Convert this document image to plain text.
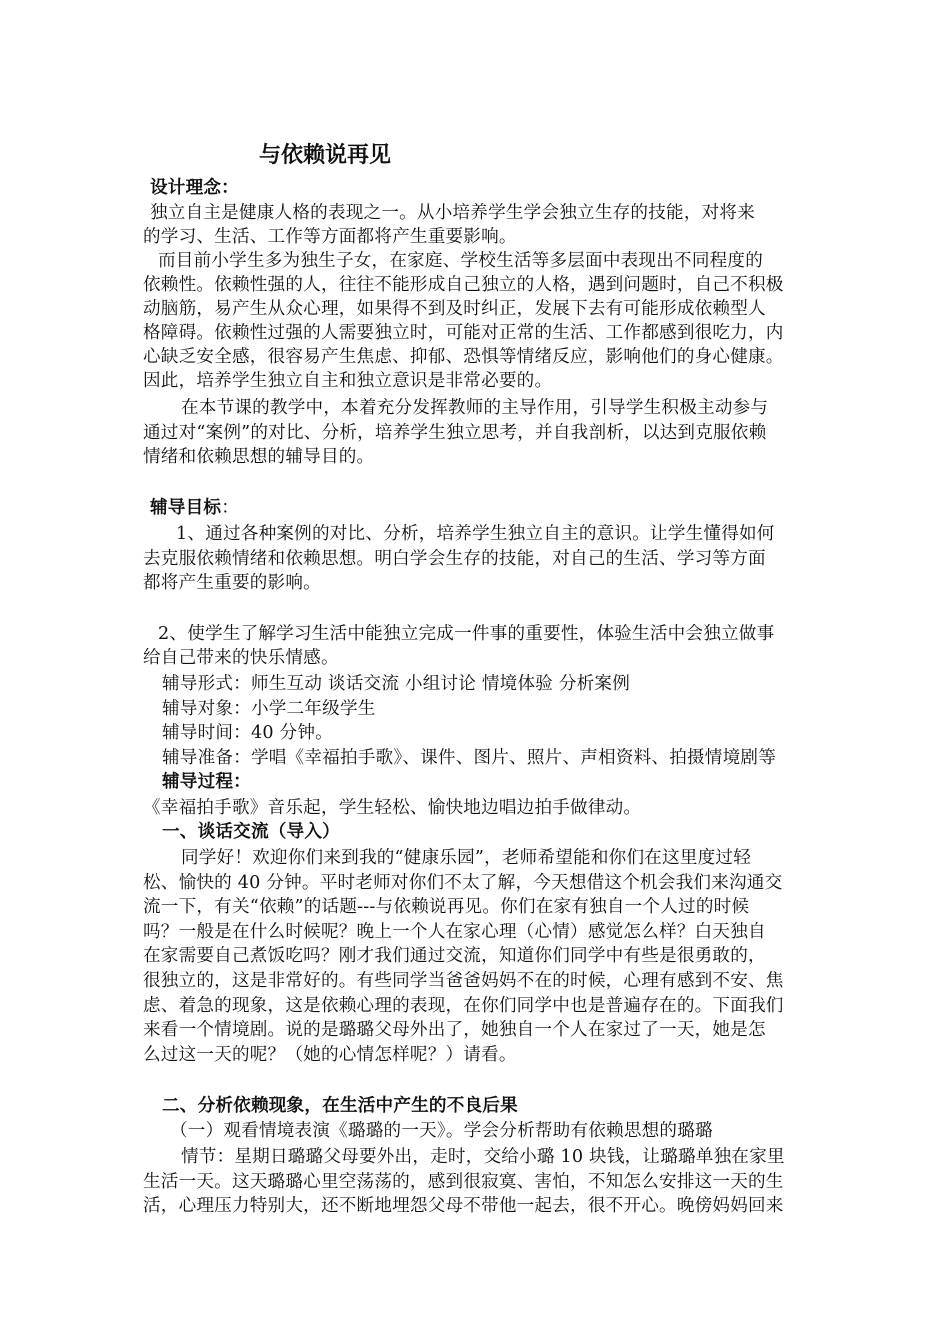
与依赖说再见
设计理念：
独立自主是健康人格的表现之一。从小培养学生学会独立生存的技能，对将来
的学习、生活、工作等方面都将产生重要影响。
而目前小学生多为独生子女，在家庭、学校生活等多层面中表现出不同程度的
依赖性。依赖性强的人，往往不能形成自己独立的人格，遇到问题时，自己不积极
动脑筋，易产生从众心理，如果得不到及时纠正，发展下去有可能形成依赖型人
格障碍。依赖性过强的人需要独立时，可能对正常的生活、工作都感到很吃力，内
心缺乏安全感，很容易产生焦虑、抑郁、恐惧等情绪反应，影响他们的身心健康。
因此，培养学生独立自主和独立意识是非常必要的。
在本节课的教学中，本着充分发挥教师的主导作用，引导学生积极主动参与
通过对“案例”的对比、分析，培养学生独立思考，并自我剖析，以达到克服依赖
情绪和依赖思想的辅导目的。
辅导目标：
1、通过各种案例的对比、分析，培养学生独立自主的意识。让学生懂得如何
去克服依赖情绪和依赖思想。明白学会生存的技能，对自己的生活、学习等方面
都将产生重要的影响。
2、使学生了解学习生活中能独立完成一件事的重要性，体验生活中会独立做事
给自己带来的快乐情感。
辅导形式：师生互动 谈话交流 小组讨论 情境体验 分析案例
辅导对象：小学二年级学生
辅导时间：40 分钟。
辅导准备：学唱《幸福拍手歌》、课件、图片、照片、声相资料、拍摄情境剧等
辅导过程：
《幸福拍手歌》音乐起，学生轻松、愉快地边唱边拍手做律动。
一、谈话交流（导入）
同学好！欢迎你们来到我的“健康乐园”，老师希望能和你们在这里度过轻
松、愉快的 40 分钟。平时老师对你们不太了解，今天想借这个机会我们来沟通交
流一下，有关“依赖”的话题---与依赖说再见。你们在家有独自一个人过的时候
吗？一般是在什么时候呢？晚上一个人在家心理（心情）感觉怎么样？白天独自
在家需要自己煮饭吃吗？刚才我们通过交流，知道你们同学中有些是很勇敢的，
很独立的，这是非常好的。有些同学当爸爸妈妈不在的时候，心理有感到不安、焦
虑、着急的现象，这是依赖心理的表现，在你们同学中也是普遍存在的。下面我们
来看一个情境剧。说的是璐璐父母外出了，她独自一个人在家过了一天，她是怎
么过这一天的呢？（她的心情怎样呢？）请看。
二、分析依赖现象，在生活中产生的不良后果
（一）观看情境表演《璐璐的一天》。学会分析帮助有依赖思想的璐璐
情节：星期日璐璐父母要外出，走时，交给小璐 10 块钱，让璐璐单独在家里
生活一天。这天璐璐心里空荡荡的，感到很寂寞、害怕，不知怎么安排这一天的生
活，心理压力特别大，还不断地埋怨父母不带他一起去，很不开心。晚傍妈妈回来
